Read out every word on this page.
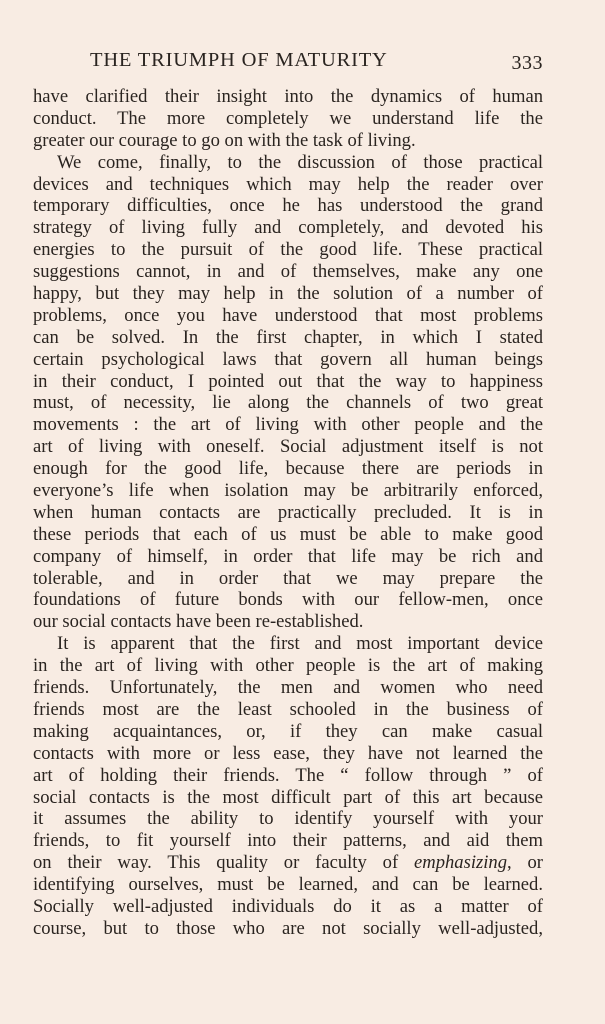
THE TRIUMPH OF MATURITY	333
have clarified their insight into the dynamics of human
conduct. The more completely we understand life the
greater our courage to go on with the task of living.
We come, finally, to the discussion of those practical
devices and techniques which may help the reader over
temporary difficulties, once he has understood the grand
strategy of living fully and completely, and devoted his
energies to the pursuit of the good life. These practical
suggestions cannot, in and of themselves, make any one
happy, but they may help in the solution of a number of
problems, once you have understood that most problems
can be solved. In the first chapter, in which I stated
certain psychological laws that govern all human beings
in their conduct, I pointed out that the way to happiness
must, of necessity, lie along the channels of two great
movements : the art of living with other people and the
art of living with oneself. Social adjustment itself is not
enough for the good life, because there are periods in
everyone’s life when isolation may be arbitrarily enforced,
when human contacts are practically precluded. It is in
these periods that each of us must be able to make good
company of himself, in order that life may be rich and
tolerable, and in order that we may prepare the
foundations of future bonds with our fellow-men, once
our social contacts have been re-established.
It is apparent that the first and most important device
in the art of living with other people is the art of making
friends. Unfortunately, the men and women who need
friends most are the least schooled in the business of
making acquaintances, or, if they can make casual
contacts with more or less ease, they have not learned the
art of holding their friends. The “ follow through ” of
social contacts is the most difficult part of this art because
it assumes the ability to identify yourself with your
friends, to fit yourself into their patterns, and aid them
on their way. This quality or faculty of emphasizing, or
identifying ourselves, must be learned, and can be learned.
Socially well-adjusted individuals do it as a matter of
course, but to those who are not socially well-adjusted,
